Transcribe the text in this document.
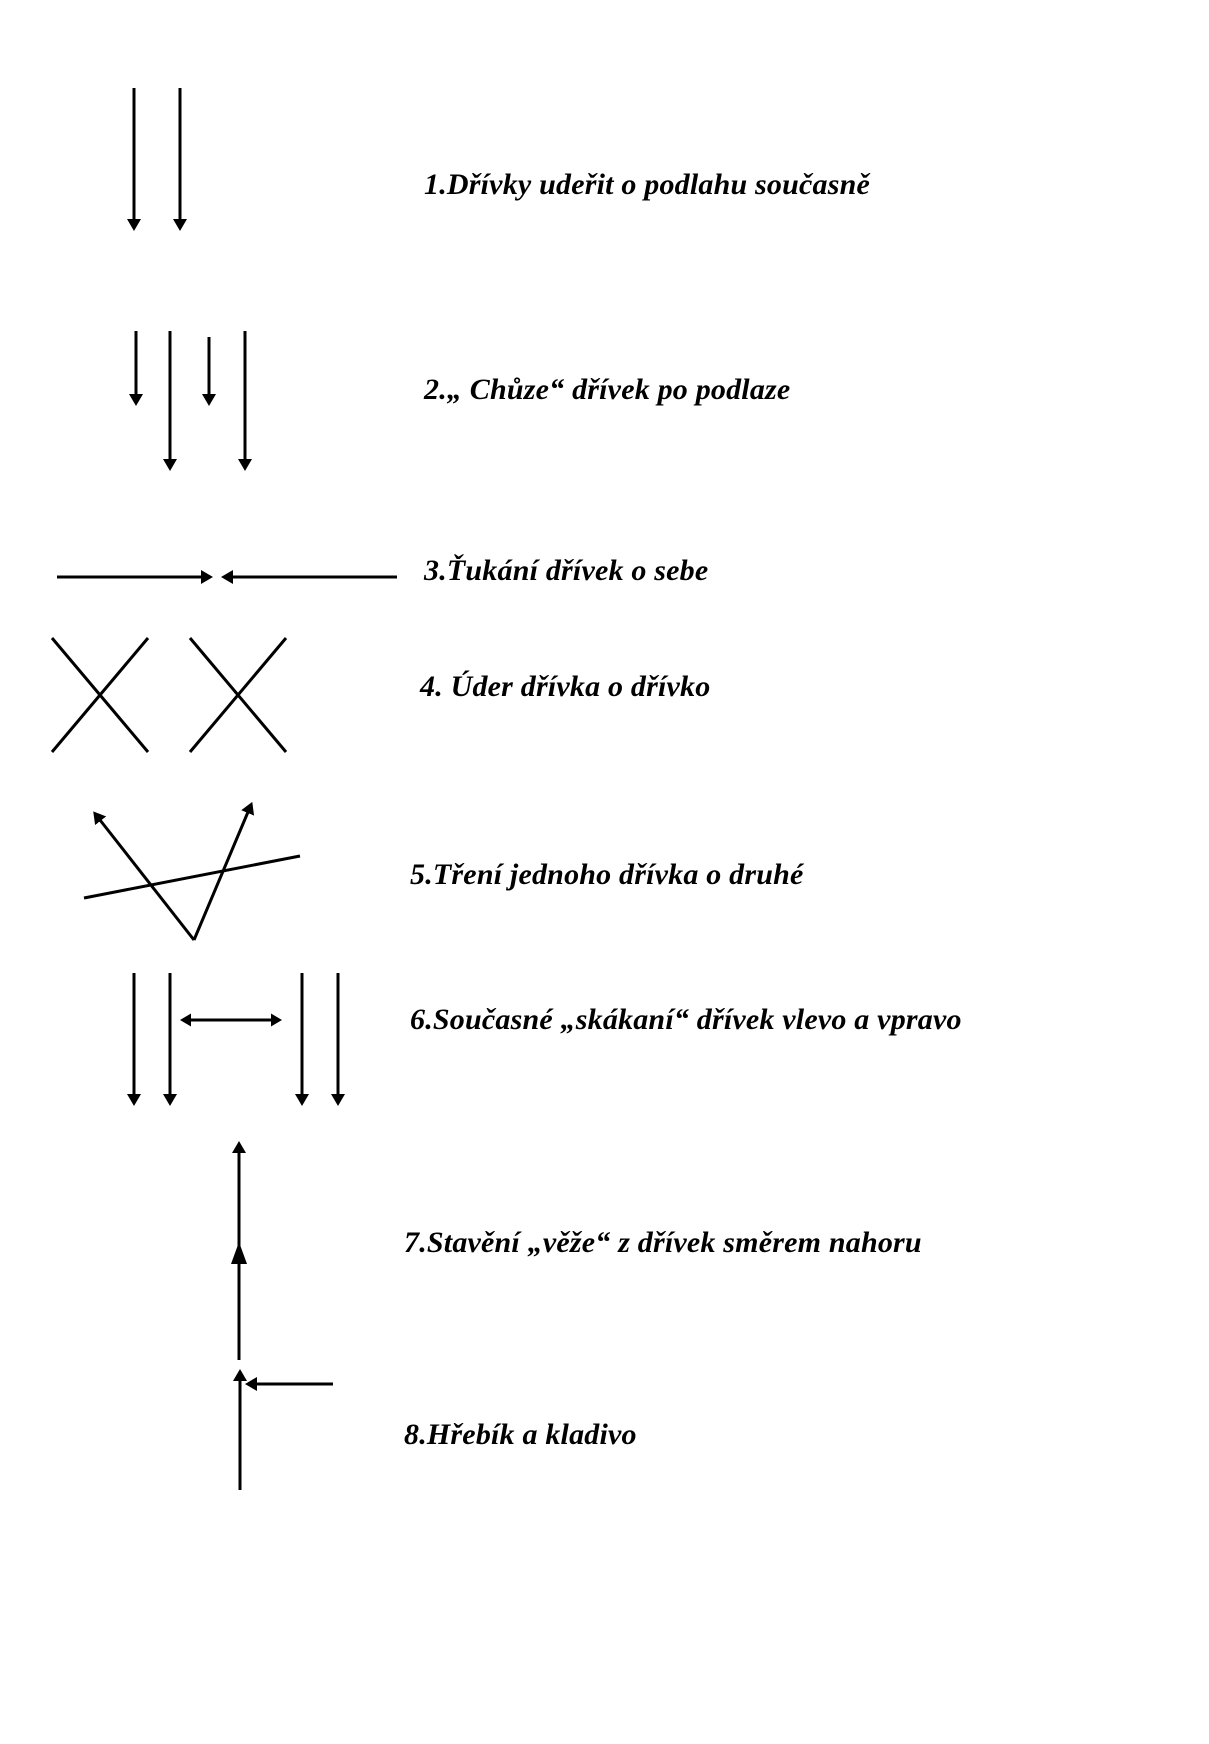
1.Dřívky udeřit o podlahu současně
2.„ Chůze“ dřívek po podlaze
3.Ťukání dřívek o sebe
4. Úder dřívka o dřívko
5.Tření jednoho dřívka o druhé
6.Současné „skákaní“ dřívek vlevo a vpravo
7.Stavění „věže“ z dřívek směrem nahoru
8.Hřebík a kladivo
